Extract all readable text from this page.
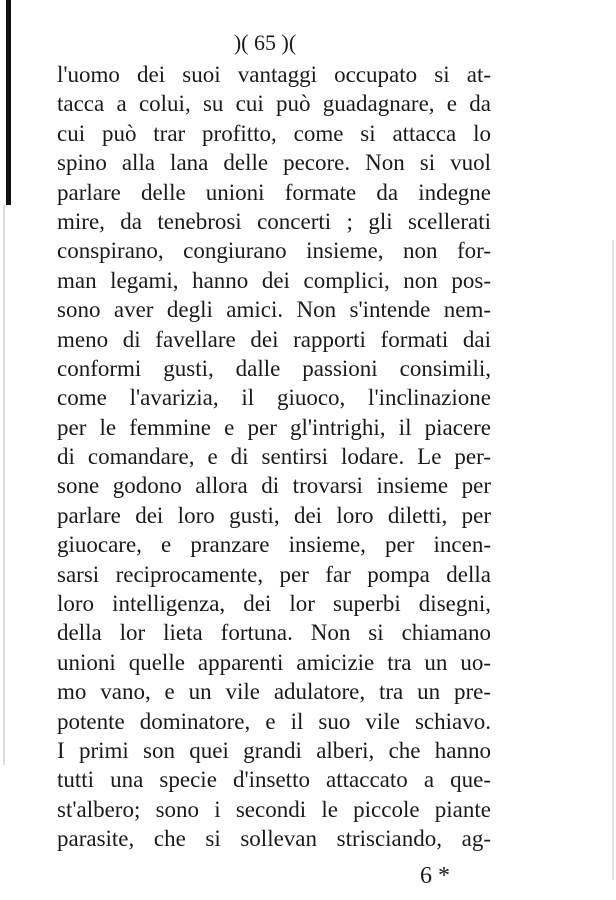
)( 65 )(
l'uomo dei suoi vantaggi occupato si at-
tacca a colui, su cui può guadagnare, e da
cui può trar profitto, come si attacca lo
spino alla lana delle pecore. Non si vuol
parlare delle unioni formate da indegne
mire, da tenebrosi concerti ; gli scellerati
conspirano, congiurano insieme, non for-
man legami, hanno dei complici, non pos-
sono aver degli amici. Non s'intende nem-
meno di favellare dei rapporti formati dai
conformi gusti, dalle passioni consimili,
come l'avarizia, il giuoco, l'inclinazione
per le femmine e per gl'intrighi, il piacere
di comandare, e di sentirsi lodare. Le per-
sone godono allora di trovarsi insieme per
parlare dei loro gusti, dei loro diletti, per
giuocare, e pranzare insieme, per incen-
sarsi reciprocamente, per far pompa della
loro intelligenza, dei lor superbi disegni,
della lor lieta fortuna. Non si chiamano
unioni quelle apparenti amicizie tra un uo-
mo vano, e un vile adulatore, tra un pre-
potente dominatore, e il suo vile schiavo.
I primi son quei grandi alberi, che hanno
tutti una specie d'insetto attaccato a que-
st'albero; sono i secondi le piccole piante
parasite, che si sollevan strisciando, ag-
6 *
